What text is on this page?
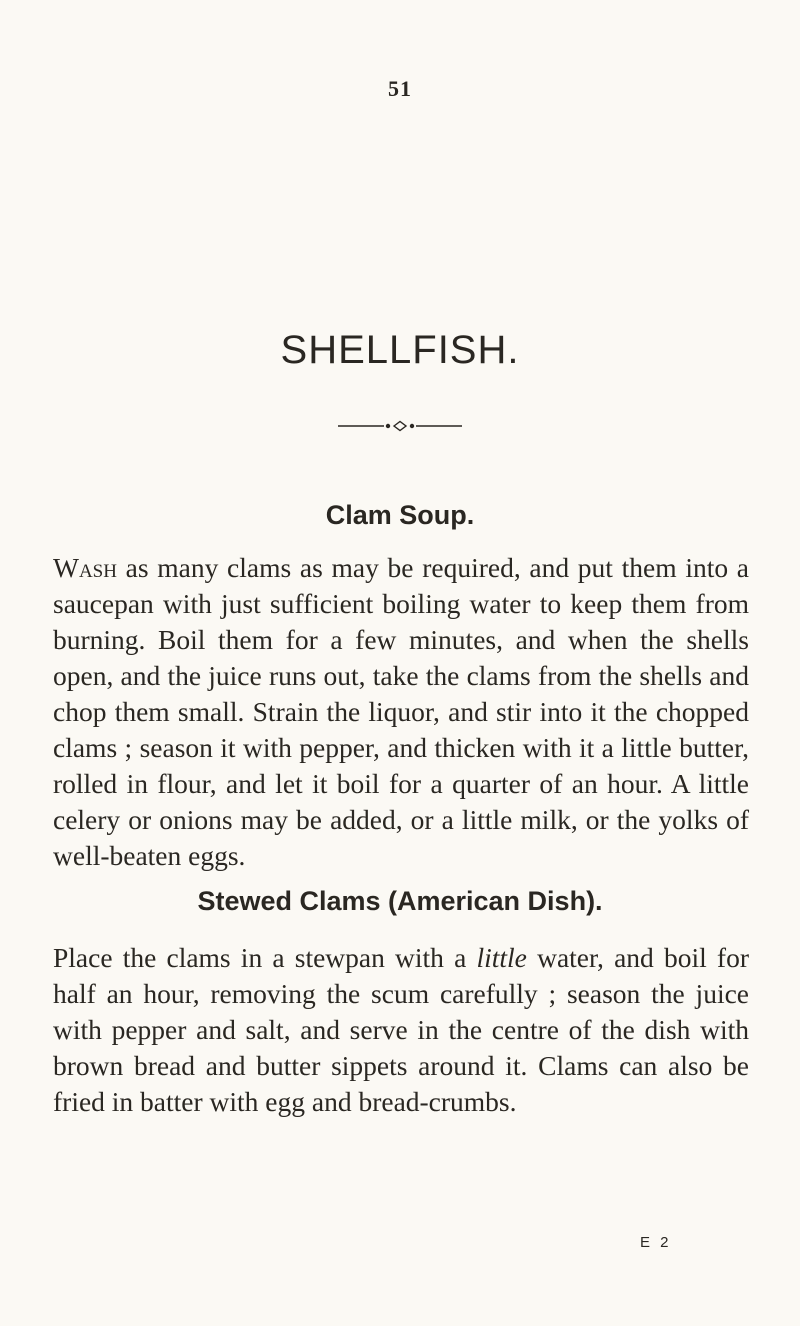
51
SHELLFISH.
Clam Soup.

Wash as many clams as may be required, and put them into a saucepan with just sufficient boiling water to keep them from burning. Boil them for a few minutes, and when the shells open, and the juice runs out, take the clams from the shells and chop them small. Strain the liquor, and stir into it the chopped clams ; season it with pepper, and thicken with it a little butter, rolled in flour, and let it boil for a quarter of an hour. A little celery or onions may be added, or a little milk, or the yolks of well-beaten eggs.

Stewed Clams (American Dish).

Place the clams in a stewpan with a little water, and boil for half an hour, removing the scum carefully ; season the juice with pepper and salt, and serve in the centre of the dish with brown bread and butter sippets around it. Clams can also be fried in batter with egg and bread-crumbs.

E 2
